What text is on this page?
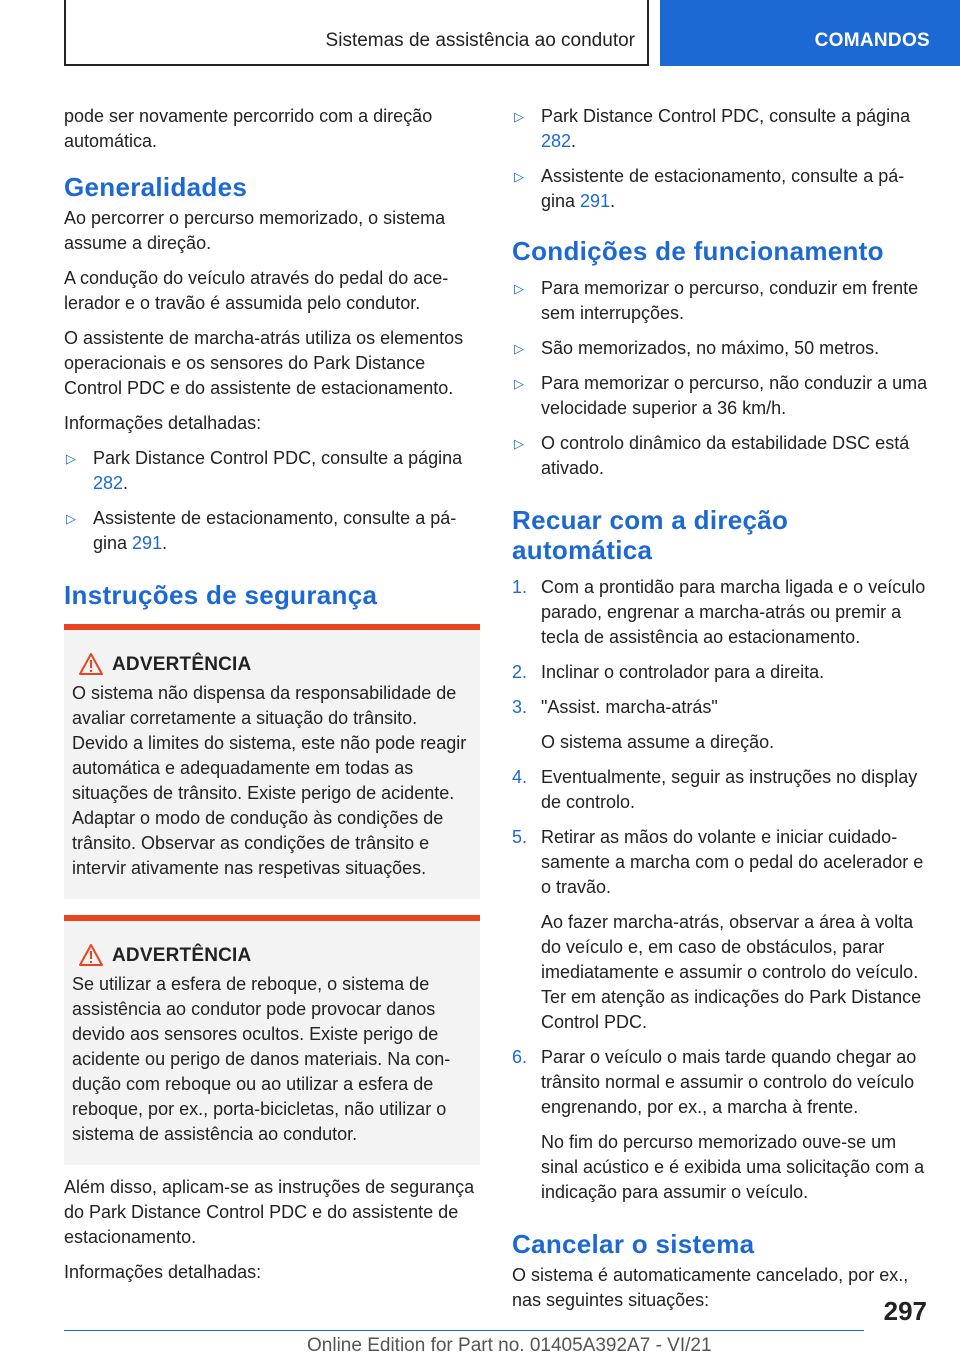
Sistemas de assistência ao condutor	COMANDOS

pode ser novamente percorrido com a direção automática.

Generalidades

Ao percorrer o percurso memorizado, o sistema assume a direção.

A condução do veículo através do pedal do acelerador e o travão é assumida pelo condutor.

O assistente de marcha-atrás utiliza os elementos operacionais e os sensores do Park Distance Control PDC e do assistente de estacionamento.

Informações detalhadas:

▷ Park Distance Control PDC, consulte a página 282.
▷ Assistente de estacionamento, consulte a página 291.
Instruções de segurança
ADVERTÊNCIA
O sistema não dispensa da responsabilidade de avaliar corretamente a situação do trânsito. Devido a limites do sistema, este não pode reagir automática e adequadamente em todas as situações de trânsito. Existe perigo de acidente. Adaptar o modo de condução às condições de trânsito. Observar as condições de trânsito e intervir ativamente nas respetivas situações.
ADVERTÊNCIA
Se utilizar a esfera de reboque, o sistema de assistência ao condutor pode provocar danos devido aos sensores ocultos. Existe perigo de acidente ou perigo de danos materiais. Na condução com reboque ou ao utilizar a esfera de reboque, por ex., porta-bicicletas, não utilizar o sistema de assistência ao condutor.

Além disso, aplicam-se as instruções de segurança do Park Distance Control PDC e do assistente de estacionamento.

Informações detalhadas:

▷ Park Distance Control PDC, consulte a página 282.
▷ Assistente de estacionamento, consulte a página 291.
Condições de funcionamento
▷ Para memorizar o percurso, conduzir em frente sem interrupções.
▷ São memorizados, no máximo, 50 metros.
▷ Para memorizar o percurso, não conduzir a uma velocidade superior a 36 km/h.
▷ O controlo dinâmico da estabilidade DSC está ativado.
Recuar com a direção automática
1. Com a prontidão para marcha ligada e o veículo parado, engrenar a marcha-atrás ou premir a tecla de assistência ao estacionamento.
2. Inclinar o controlador para a direita.
3. "Assist. marcha-atrás"
O sistema assume a direção.
4. Eventualmente, seguir as instruções no display de controlo.
5. Retirar as mãos do volante e iniciar cuidadosamente a marcha com o pedal do acelerador e o travão.
Ao fazer marcha-atrás, observar a área à volta do veículo e, em caso de obstáculos, parar imediatamente e assumir o controlo do veículo. Ter em atenção as indicações do Park Distance Control PDC.
6. Parar o veículo o mais tarde quando chegar ao trânsito normal e assumir o controlo do veículo engrenando, por ex., a marcha à frente.
No fim do percurso memorizado ouve-se um sinal acústico e é exibida uma solicitação com a indicação para assumir o veículo.
Cancelar o sistema

O sistema é automaticamente cancelado, por ex., nas seguintes situações:	297
Online Edition for Part no. 01405A392A7 - VI/21
